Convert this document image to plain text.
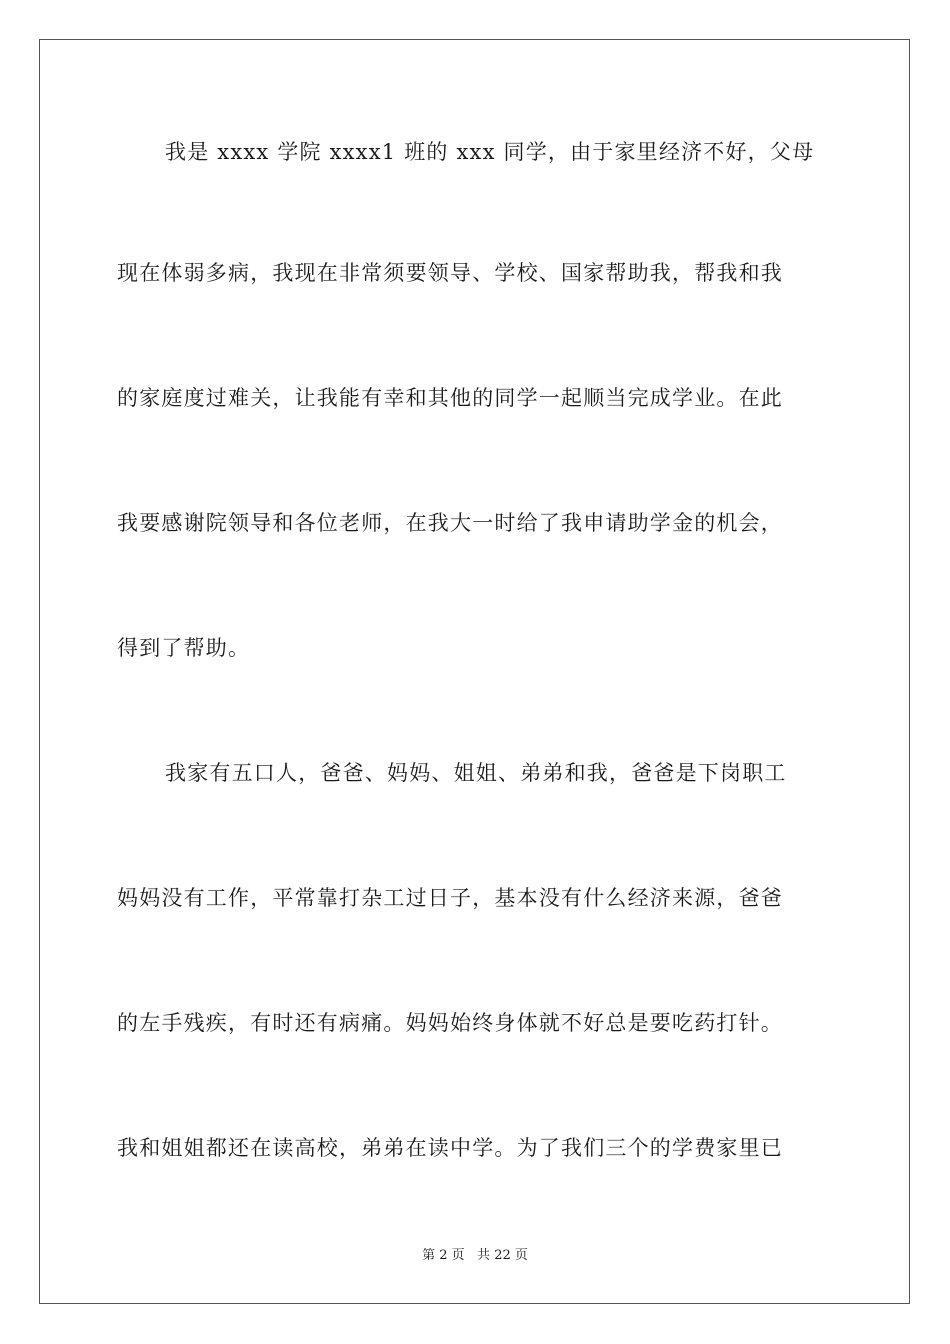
我是 xxxx 学院 xxxx1 班的 xxx 同学，由于家里经济不好，父母
现在体弱多病，我现在非常须要领导、学校、国家帮助我，帮我和我
的家庭度过难关，让我能有幸和其他的同学一起顺当完成学业。在此
我要感谢院领导和各位老师，在我大一时给了我申请助学金的机会，
得到了帮助。
我家有五口人，爸爸、妈妈、姐姐、弟弟和我，爸爸是下岗职工
妈妈没有工作，平常靠打杂工过日子，基本没有什么经济来源，爸爸
的左手残疾，有时还有病痛。妈妈始终身体就不好总是要吃药打针。
我和姐姐都还在读高校，弟弟在读中学。为了我们三个的学费家里已
第 2 页   共 22 页
